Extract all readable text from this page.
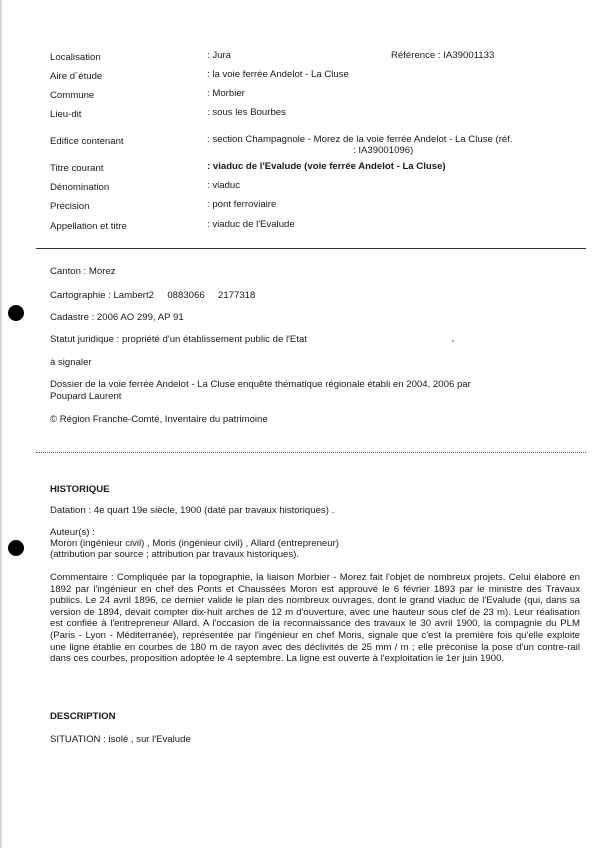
Référence : IA39001133
Localisation	: Jura
Aire d´étude	: la voie ferrée Andelot - La Cluse
Commune	: Morbier
Lieu-dit	: sous les Bourbes
Edifice contenant	: section Champagnole - Morez de la voie ferrée Andelot - La Cluse (réf.
: IA39001096)
Titre courant	: viaduc de l'Evalude (voie ferrée Andelot - La Cluse)
Dénomination	: viaduc
Précision	: pont ferroviaire
Appellation et titre	: viaduc de l'Evalude
Canton : Morez
Cartographie : Lambert2     0883066     2177318
Cadastre : 2006 AO 299, AP 91
Statut juridique : propriété d'un établissement public de l'Etat
à signaler
Dossier de la voie ferrée Andelot - La Cluse enquête thématique régionale établi en 2004, 2006 par
Poupard Laurent
© Région Franche-Comté, Inventaire du patrimoine
HISTORIQUE
Datation : 4e quart 19e siècle, 1900 (daté par travaux historiques) .
Auteur(s) :
Moron (ingénieur civil) , Moris (ingénieur civil) , Allard (entrepreneur)
(attribution par source ; attribution par travaux historiques).
Commentaire : Compliquée par la topographie, la liaison Morbier - Morez fait l'objet de nombreux projets. Celui élaboré en 1892 par l'ingénieur en chef des Ponts et Chaussées Moron est approuvé le 6 février 1893 par le ministre des Travaux publics. Le 24 avril 1896, ce dernier valide le plan des nombreux ouvrages, dont le grand viaduc de l'Evalude (qui, dans sa version de 1894, devait compter dix-huit arches de 12 m d'ouverture, avec une hauteur sous clef de 23 m). Leur réalisation est confiée à l'entrepreneur Allard. A l'occasion de la reconnaissance des travaux le 30 avril 1900, la compagnie du PLM (Paris - Lyon - Méditerranée), représentée par l'ingénieur en chef Moris, signale que c'est la première fois qu'elle exploite une ligne établie en courbes de 180 m de rayon avec des déclivités de 25 mm / m ; elle préconise la pose d'un contre-rail dans ces courbes, proposition adoptée le 4 septembre. La ligne est ouverte à l'exploitation le 1er juin 1900.
DESCRIPTION
SITUATION : isolé , sur l'Evalude
